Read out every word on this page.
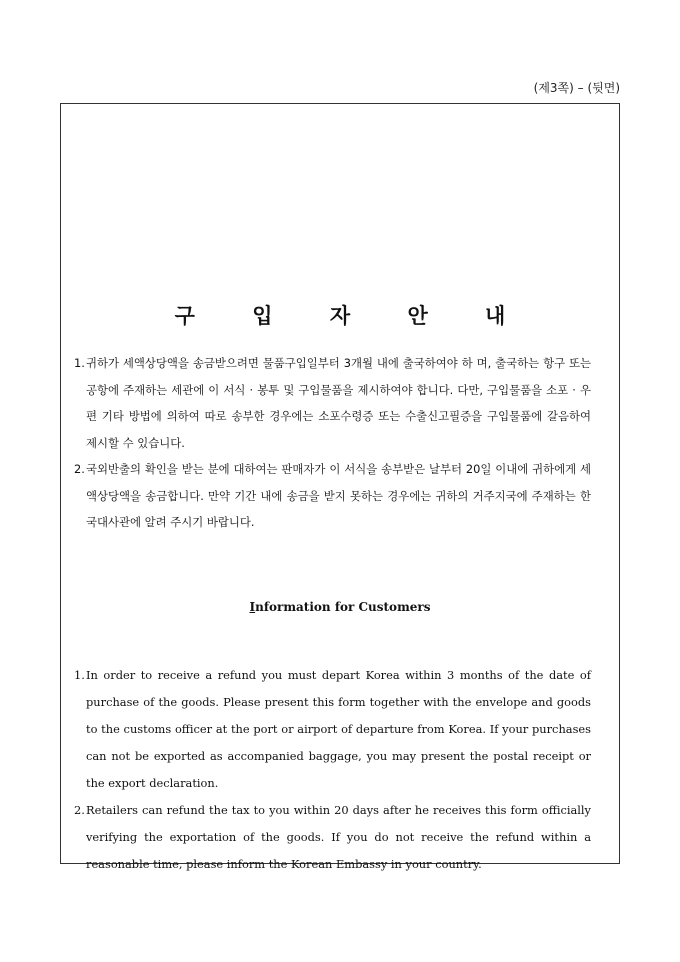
(제3쪽) – (뒷면)
구 입 자 안 내
1. 귀하가 세액상당액을 송금받으려면 물품구입일부터 3개월 내에 출국하여야 하 며, 출국하는 항구 또는 공항에 주재하는 세관에 이 서식 · 봉투 및 구입물품을 제시하여야 합니다. 다만, 구입물품을 소포 · 우편 기타 방법에 의하여 따로 송부한 경우에는 소포수령증 또는 수출신고필증을 구입물품에 갈음하여 제시할 수 있습니다.
2. 국외반출의 확인을 받는 분에 대하여는 판매자가 이 서식을 송부받은 날부터 20일 이내에 귀하에게 세액상당액을 송금합니다. 만약 기간 내에 송금을 받지 못하는 경우에는 귀하의 거주지국에 주재하는 한국대사관에 알려 주시기 바랍니다.
Information for Customers
1. In order to receive a refund you must depart Korea within 3 months of the date of purchase of the goods. Please present this form together with the envelope and goods to the customs officer at the port or airport of departure from Korea. If your purchases can not be exported as accompanied baggage, you may present the postal receipt or the export declaration.
2. Retailers can refund the tax to you within 20 days after he receives this form officially verifying the exportation of the goods. If you do not receive the refund within a reasonable time, please inform the Korean Embassy in your country.
